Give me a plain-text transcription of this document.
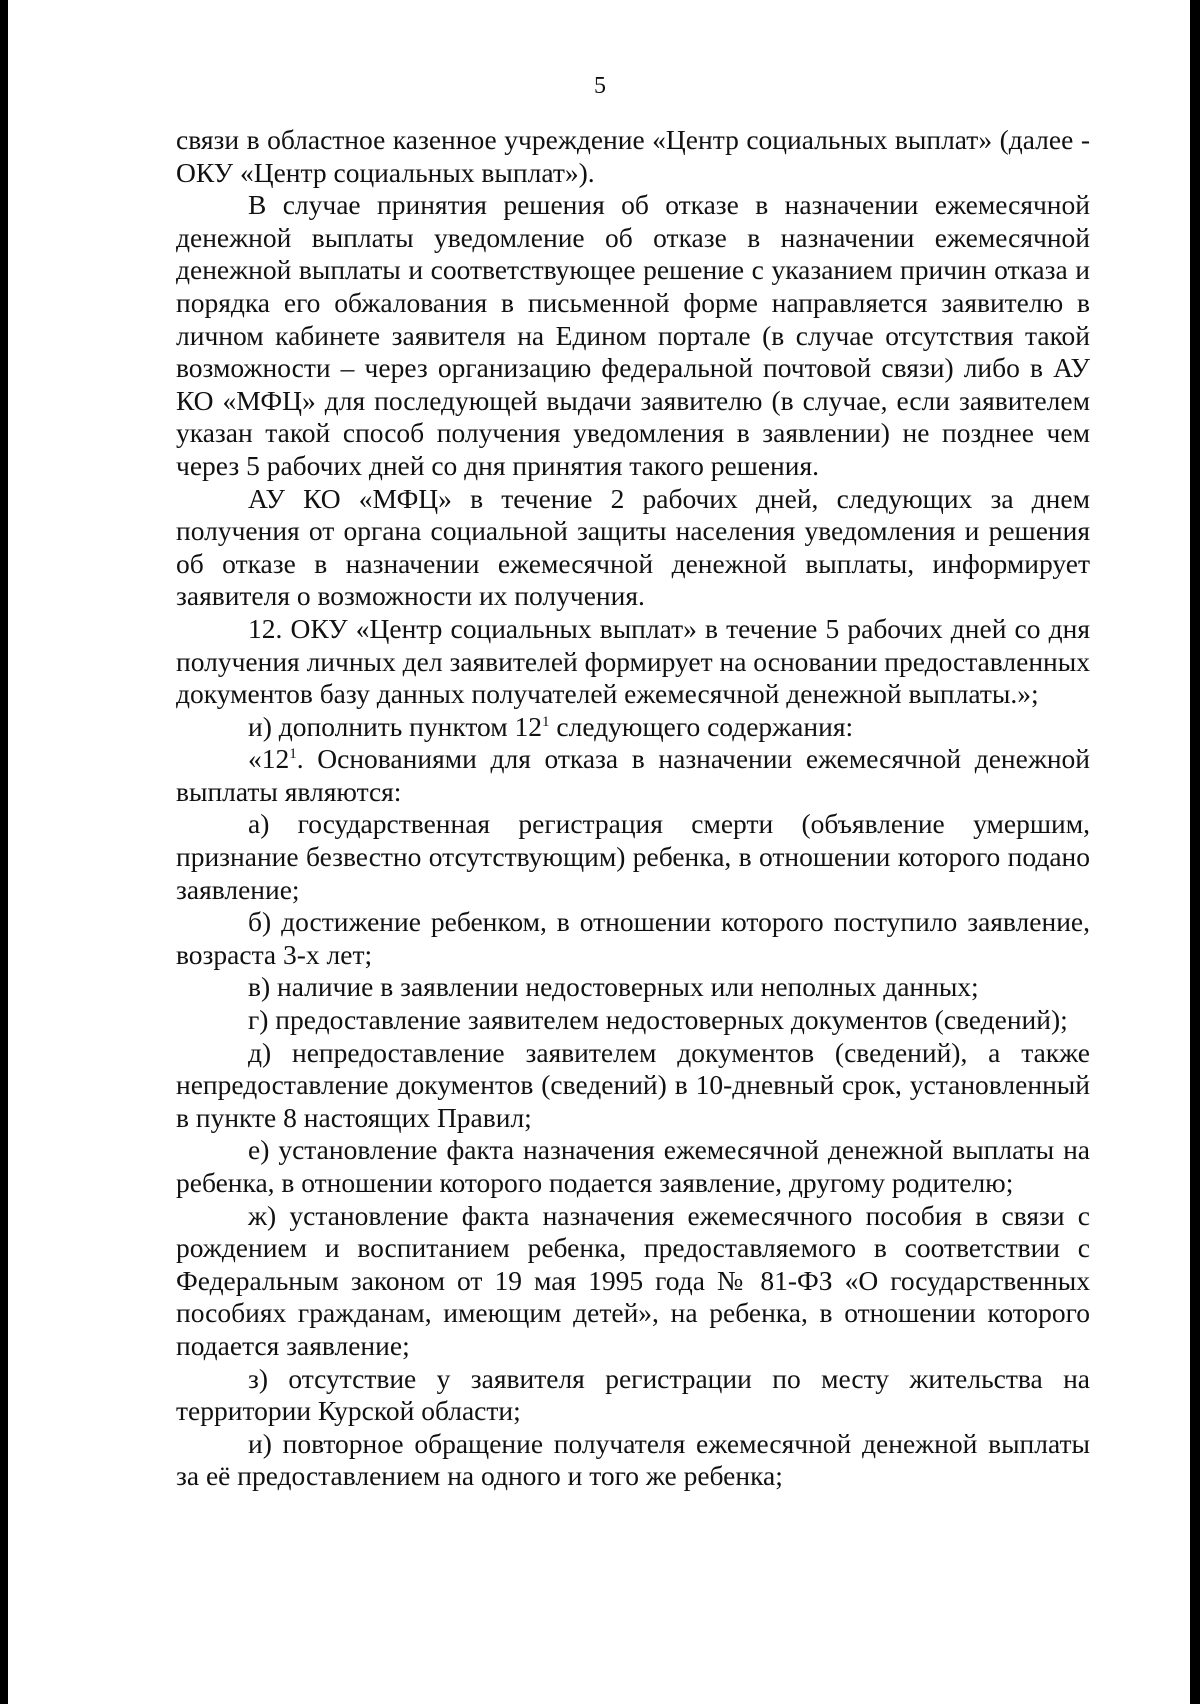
5

связи в областное казенное учреждение «Центр социальных выплат» (далее - ОКУ «Центр социальных выплат»).

В случае принятия решения об отказе в назначении ежемесячной денежной выплаты уведомление об отказе в назначении ежемесячной денежной выплаты и соответствующее решение с указанием причин отказа и порядка его обжалования в письменной форме направляется заявителю в личном кабинете заявителя на Едином портале (в случае отсутствия такой возможности – через организацию федеральной почтовой связи) либо в АУ КО «МФЦ» для последующей выдачи заявителю (в случае, если заявителем указан такой способ получения уведомления в заявлении) не позднее чем через 5 рабочих дней со дня принятия такого решения.

АУ КО «МФЦ» в течение 2 рабочих дней, следующих за днем получения от органа социальной защиты населения уведомления и решения об отказе в назначении ежемесячной денежной выплаты, информирует заявителя о возможности их получения.

12. ОКУ «Центр социальных выплат» в течение 5 рабочих дней со дня получения личных дел заявителей формирует на основании предоставленных документов базу данных получателей ежемесячной денежной выплаты.»;

и) дополнить пунктом $12^1$ следующего содержания:

«$12^1$. Основаниями для отказа в назначении ежемесячной денежной выплаты являются:

а) государственная регистрация смерти (объявление умершим, признание безвестно отсутствующим) ребенка, в отношении которого подано заявление;

б) достижение ребенком, в отношении которого поступило заявление, возраста 3-х лет;

в) наличие в заявлении недостоверных или неполных данных;

г) предоставление заявителем недостоверных документов (сведений);

д) непредоставление заявителем документов (сведений), а также непредоставление документов (сведений) в 10-дневный срок, установленный в пункте 8 настоящих Правил;

е) установление факта назначения ежемесячной денежной выплаты на ребенка, в отношении которого подается заявление, другому родителю;

ж) установление факта назначения ежемесячного пособия в связи с рождением и воспитанием ребенка, предоставляемого в соответствии с Федеральным законом от 19 мая 1995 года № 81-ФЗ «О государственных пособиях гражданам, имеющим детей», на ребенка, в отношении которого подается заявление;

з) отсутствие у заявителя регистрации по месту жительства на территории Курской области;

и) повторное обращение получателя ежемесячной денежной выплаты за её предоставлением на одного и того же ребенка;
